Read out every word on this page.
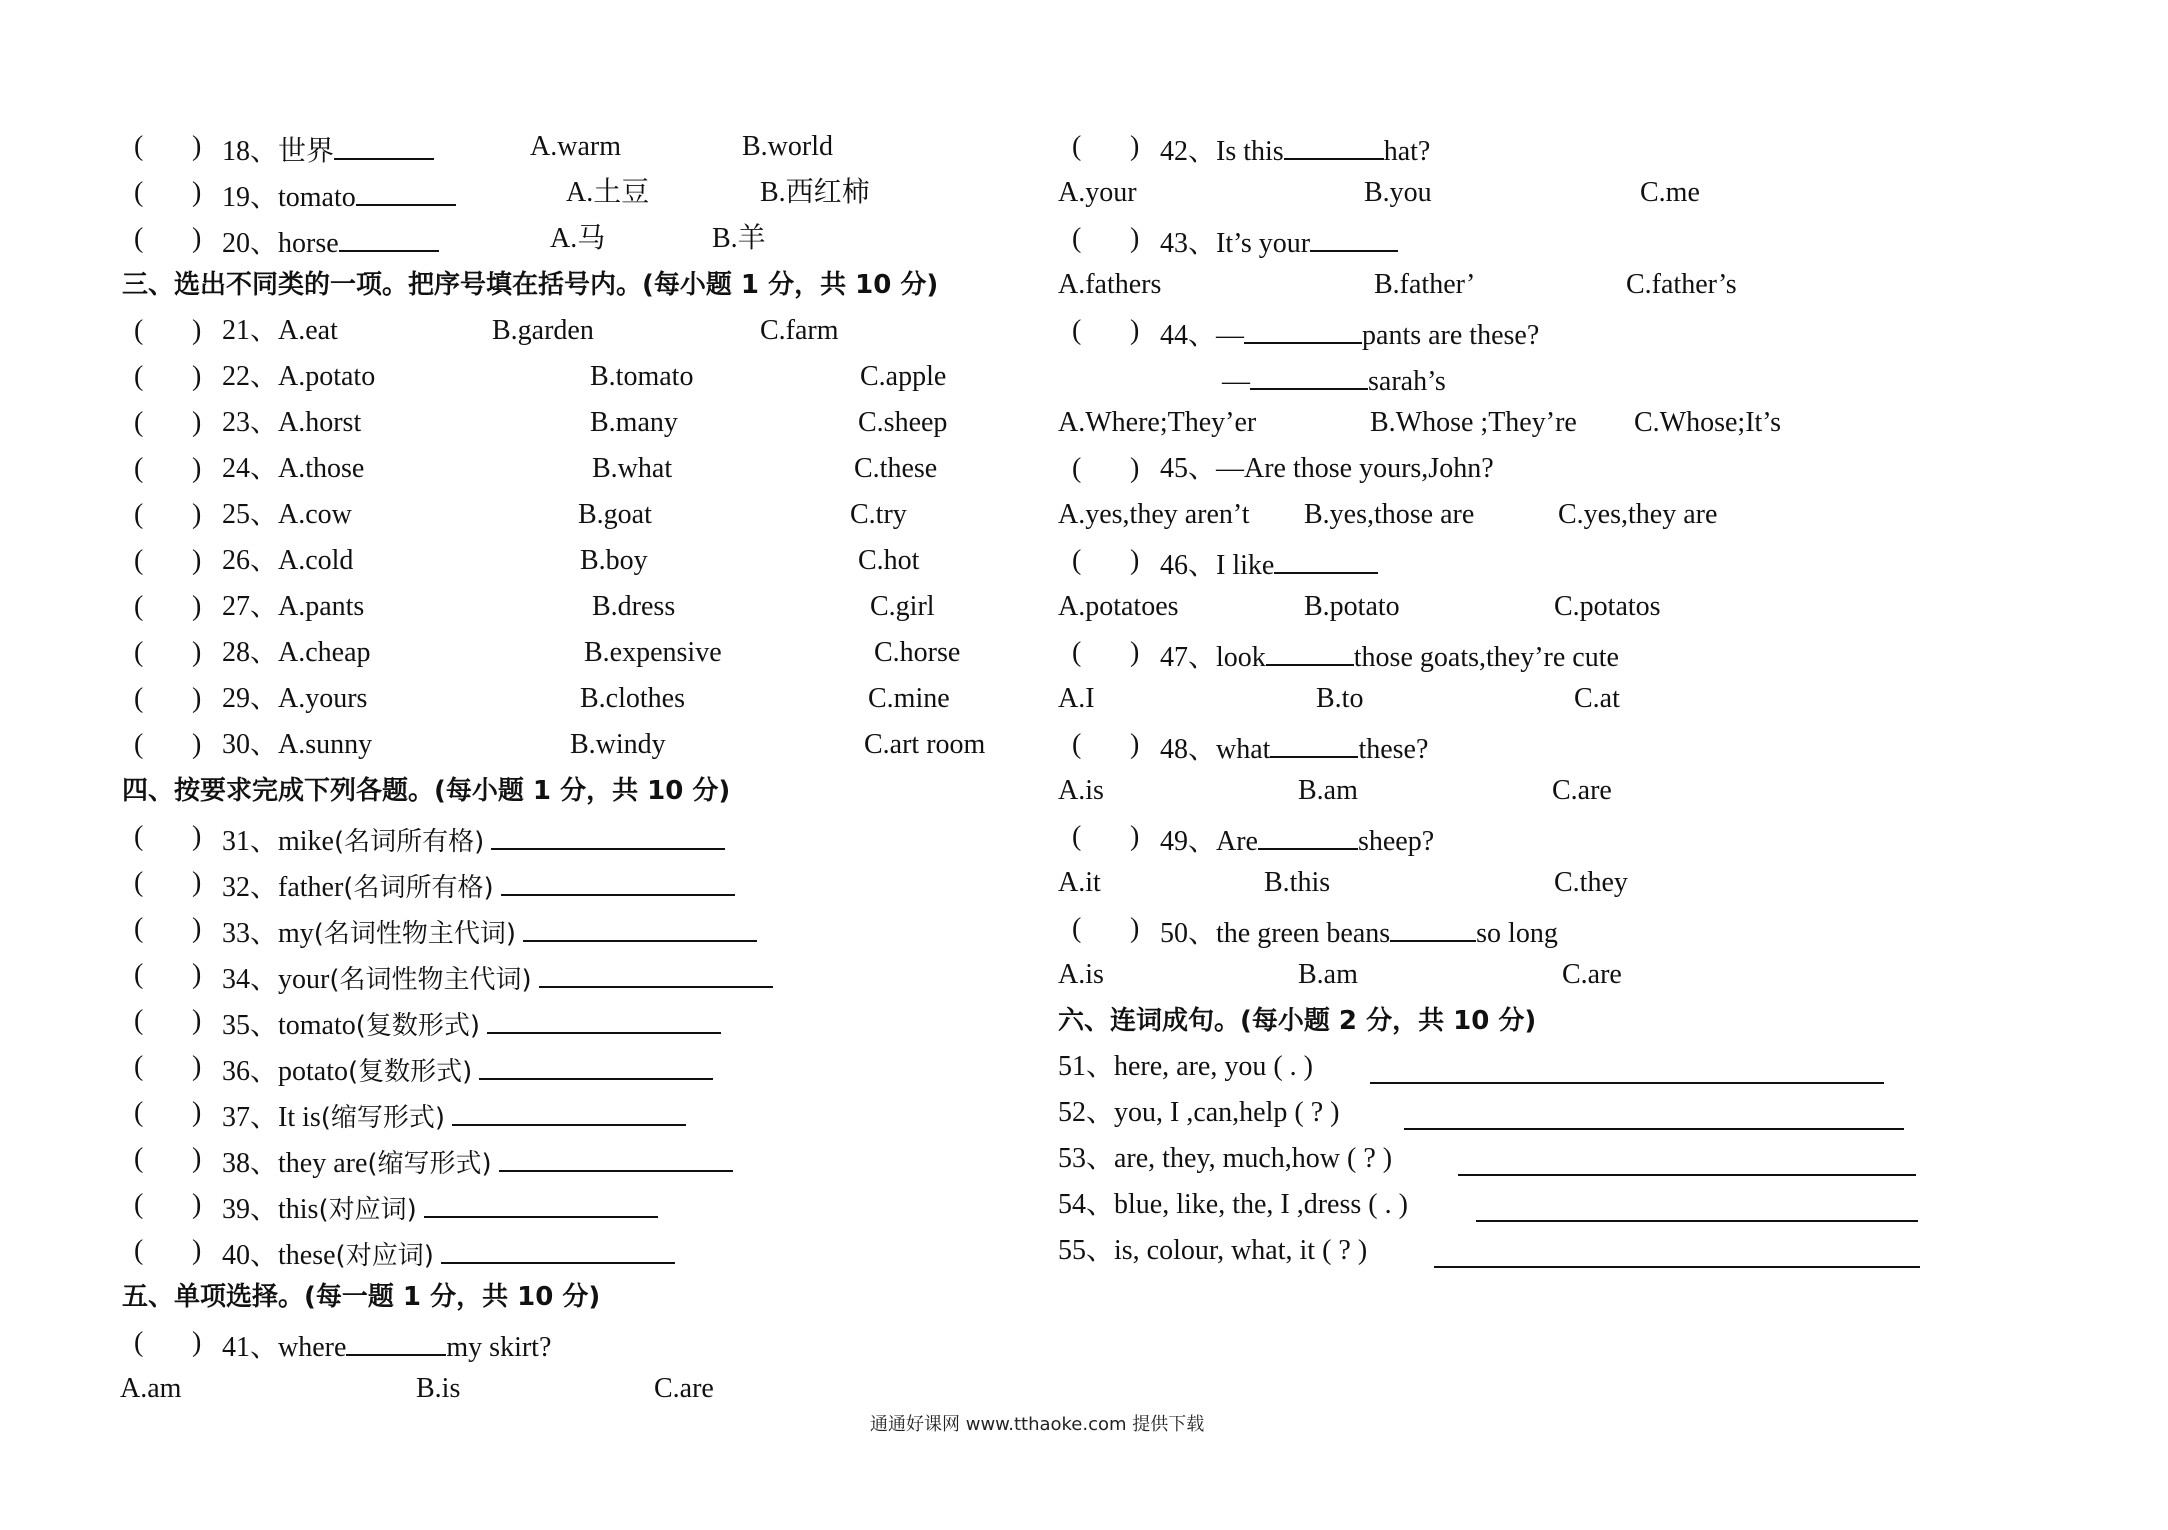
( ) 18、世界	A.warm	B.world
( ) 19、tomato	A.土豆	B.西红柿
( ) 20、horse	A.马	B.羊
三、选出不同类的一项。把序号填在括号内。(每小题 1 分，共 10 分)
( ) 21、A.eat	B.garden	C.farm
( ) 22、A.potato	B.tomato	C.apple
( ) 23、A.horst	B.many	C.sheep
( ) 24、A.those	B.what	C.these
( ) 25、A.cow	B.goat	C.try
( ) 26、A.cold	B.boy	C.hot
( ) 27、A.pants	B.dress	C.girl
( ) 28、A.cheap	B.expensive	C.horse
( ) 29、A.yours	B.clothes	C.mine
( ) 30、A.sunny	B.windy	C.art room
四、按要求完成下列各题。(每小题 1 分，共 10 分)
( ) 31、mike(名词所有格)
( ) 32、father(名词所有格)
( ) 33、my(名词性物主代词)
( ) 34、your(名词性物主代词)
( ) 35、tomato(复数形式)
( ) 36、potato(复数形式)
( ) 37、It is(缩写形式)
( ) 38、they are(缩写形式)
( ) 39、this(对应词)
( ) 40、these(对应词)
五、单项选择。(每一题 1 分，共 10 分)
( ) 41、where	my skirt?
A.am	B.is	C.are
( ) 42、Is this	hat?
A.your	B.you	C.me
( ) 43、It’s your
A.fathers	B.father’	C.father’s
( ) 44、—	pants are these?
—	sarah’s
A.Where;They’er	B.Whose ;They’re C.Whose;It’s
( ) 45、—Are those yours,John?
A.yes,they aren’t B.yes,those are	C.yes,they are
( ) 46、I like
A.potatoes	B.potato	C.potatos
( ) 47、look	those goats,they’re cute
A.I	B.to	C.at
( ) 48、what	these?
A.is	B.am	C.are
( ) 49、Are	sheep?
A.it	B.this	C.they
( ) 50、the green beans	so long
A.is	B.am	C.are
六、连词成句。(每小题 2 分，共 10 分)
51、here, are, you ( . )
52、you, I ,can,help ( ? )
53、are, they, much,how ( ? )
54、blue, like, the, I ,dress ( . )
55、is, colour, what, it ( ? )
通通好课网 www.tthaoke.com 提供下载
